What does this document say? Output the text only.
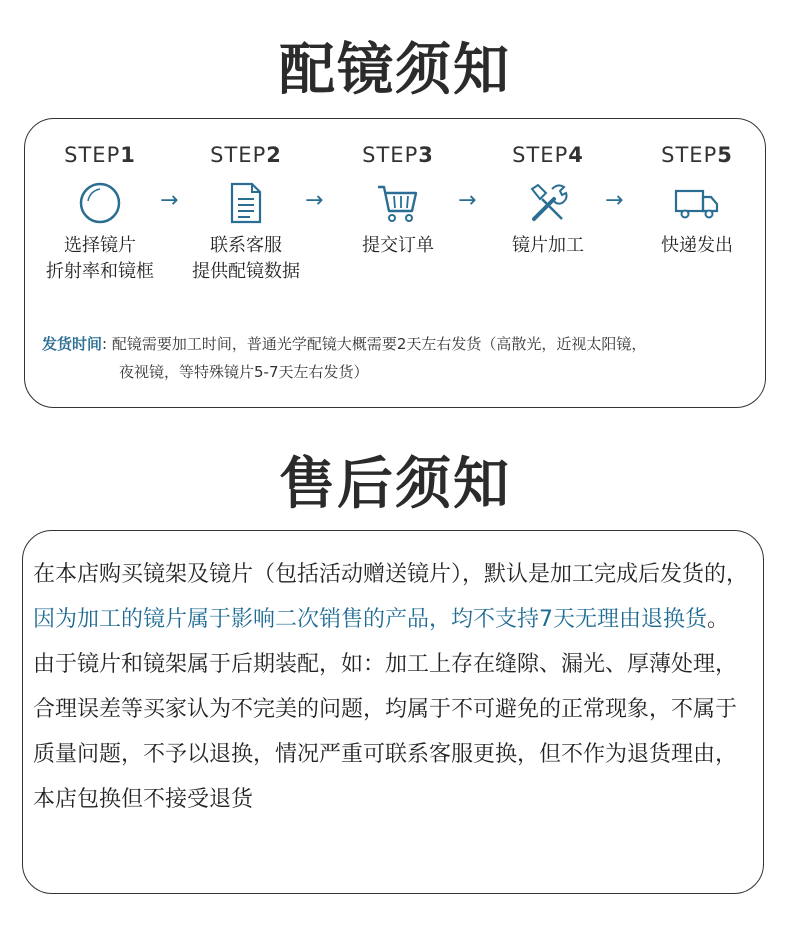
配镜须知
STEP1
选择镜片
折射率和镜框
→
STEP2
联系客服
提供配镜数据
→
STEP3
提交订单
→
STEP4
镜片加工
→
STEP5
快递发出
发货时间: 配镜需要加工时间，普通光学配镜大概需要2天左右发货（高散光，近视太阳镜，
夜视镜，等特殊镜片5-7天左右发货）
售后须知
在本店购买镜架及镜片（包括活动赠送镜片），默认是加工完成后发货的，因为加工的镜片属于影响二次销售的产品，均不支持7天无理由退换货。
由于镜片和镜架属于后期装配，如：加工上存在缝隙、漏光、厚薄处理，合理误差等买家认为不完美的问题，均属于不可避免的正常现象，不属于质量问题，不予以退换，情况严重可联系客服更换，但不作为退货理由，本店包换但不接受退货
